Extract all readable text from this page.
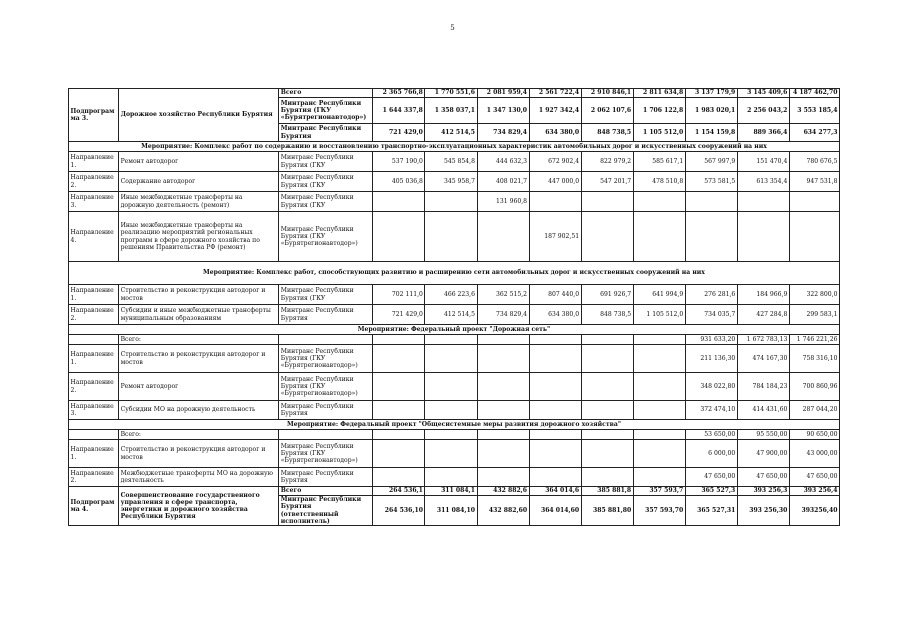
5
Подпрограм ма 3.	Дорожное хозяйство Республики Бурятия	Всего	2 365 766,8	1 770 551,6	2 081 959,4	2 561 722,4	2 910 846,1	2 811 634,8	3 137 179,9	3 145 409,6	4 187 462,70
		Минтранс Республики Бурятия (ГКУ «Бурятрегионавтодор»)	1 644 337,8	1 358 037,1	1 347 130,0	1 927 342,4	2 062 107,6	1 706 122,8	1 983 020,1	2 256 043,2	3 553 185,4
		Минтранс Республики Бурятия	721 429,0	412 514,5	734 829,4	634 380,0	848 738,5	1 105 512,0	1 154 159,8	889 366,4	634 277,3
Мероприятие: Комплекс работ по содержанию и восстановлению транспортно-эксплуатационных характеристик автомобильных дорог и искусственных сооружений на них											
Направление 1.	Ремонт автодорог	Минтранс Республики Бурятия (ГКУ	537 190,0	545 854,8	444 632,3	672 902,4	822 979,2	585 617,1	567 997,9	151 470,4	780 676,5
Направление 2.	Содержание автодорог	Минтранс Республики Бурятия (ГКУ	405 036,8	345 958,7	408 021,7	447 000,0	547 201,7	478 510,8	573 581,5	613 354,4	947 531,8
Направление 3.	Иные межбюджетные трансферты на дорожную деятельность (ремонт)	Минтранс Республики Бурятия (ГКУ			131 960,8						
Направление 4.	Иные межбюджетные трансферты на реализацию мероприятий региональных программ в сфере дорожного хозяйства по решениям Правительства РФ (ремонт)	Минтранс Республики Бурятия (ГКУ «Бурятрегионавтодор»)				187 902,51					
Мероприятие: Комплекс работ, способствующих развитию и расширению сети автомобильных дорог и искусственных сооружений на них											
Направление 1.	Строительство и реконструкция автодорог и мостов	Минтранс Республики Бурятия (ГКУ	702 111,0	466 223,6	362 515,2	807 440,0	691 926,7	641 994,9	276 281,6	184 966,9	322 800,0
Направление 2.	Субсидии и иные межбюджетные трансферты муниципальным образованиям	Минтранс Республики Бурятия	721 429,0	412 514,5	734 829,4	634 380,0	848 738,5	1 105 512,0	734 035,7	427 284,8	299 583,1
Мероприятие: Федеральный проект "Дорожная сеть"											
	Всего:								931 633,20	1 672 783,13	1 746 221,26
Направление 1.	Строительство и реконструкция автодорог и мостов	Минтранс Республики Бурятия (ГКУ «Бурятрегионавтодор»)							211 136,30	474 167,30	758 316,10
Направление 2.	Ремонт автодорог	Минтранс Республики Бурятия (ГКУ «Бурятрегионавтодор»)							348 022,80	784 184,23	700 860,96
Направление 3.	Субсидии МО на дорожную деятельность	Минтранс Республики Бурятия							372 474,10	414 431,60	287 044,20
Мероприятие: Федеральный проект "Общесистемные меры развития дорожного хозяйства"											
	Всего:								53 650,00	95 550,00	90 650,00
Направление 1.	Строительство и реконструкция автодорог и мостов	Минтранс Республики Бурятия (ГКУ «Бурятрегионавтодор»)							6 000,00	47 900,00	43 000,00
Направление 2.	Межбюджетные трансферты МО на дорожную деятельность	Минтранс Республики Бурятия							47 650,00	47 650,00	47 650,00
Подпрограм ма 4.	Совершенствование государственного управления в сфере транспорта, энергетики и дорожного хозяйства Республики Бурятия	Всего	264 536,1	311 084,1	432 882,6	364 014,6	385 881,8	357 593,7	365 527,3	393 256,3	393 256,4
		Минтранс Республики Бурятия (ответственный исполнитель)	264 536,10	311 084,10	432 882,60	364 014,60	385 881,80	357 593,70	365 527,31	393 256,30	393256,40
